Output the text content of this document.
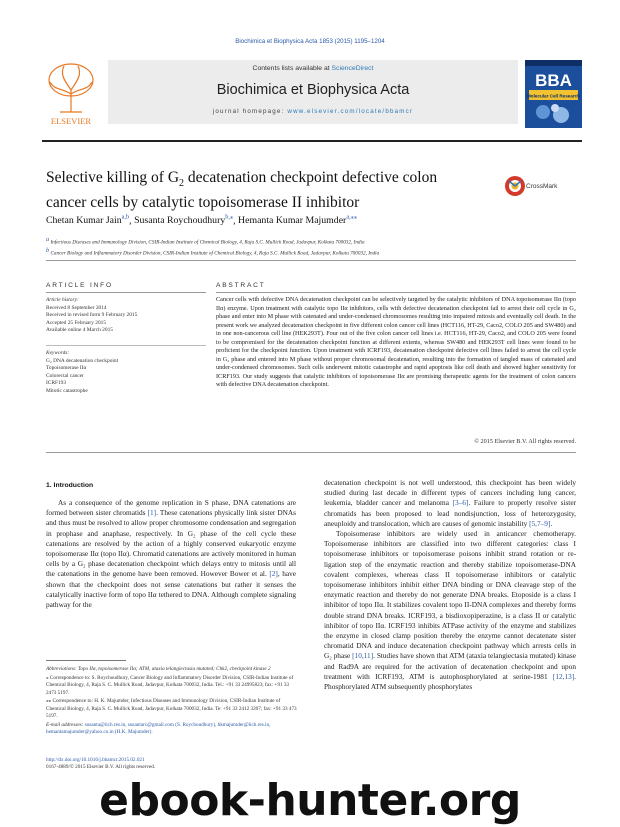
Biochimica et Biophysica Acta 1853 (2015) 1195–1204
ELSEVIER
Contents lists available at ScienceDirect
Biochimica et Biophysica Acta
journal homepage: www.elsevier.com/locate/bbamcr
BBA
Molecular Cell Research
Selective killing of $G_2$ decatenation checkpoint defective colon cancer cells by catalytic topoisomerase II inhibitor
CrossMark
Chetan Kumar Jain$^{a,b}$, Susanta Roychoudhury$^{b,⁎}$, Hemanta Kumar Majumder$^{a,⁎⁎}$
a Infectious Diseases and Immunology Division, CSIR-Indian Institute of Chemical Biology, 4, Raja S.C. Mullick Road, Jadavpur, Kolkata 700032, India
b Cancer Biology and Inflammatory Disorder Division, CSIR-Indian Institute of Chemical Biology, 4, Raja S.C. Mullick Road, Jadavpur, Kolkata 700032, India
ARTICLE INFO	ABSTRACT
Article history:
Received 8 September 2014
Received in revised form 9 February 2015
Accepted 25 February 2015
Available online 4 March 2015
Keywords:
G₂ DNA decatenation checkpoint
Topoisomerase IIα
Colorectal cancer
ICRF193
Mitotic catastrophe
Cancer cells with defective DNA decatenation checkpoint can be selectively targeted by the catalytic inhibitors of DNA topoisomerase IIα (topo IIα) enzyme. Upon treatment with catalytic topo IIα inhibitors, cells with defective decatenation checkpoint fail to arrest their cell cycle in G₂ phase and enter into M phase with catenated and under-condensed chromosomes resulting into impaired mitosis and eventually cell death. In the present work we analyzed decatenation checkpoint in five different colon cancer cell lines (HCT116, HT-29, Caco2, COLO 205 and SW480) and in one non-cancerous cell line (HEK293T). Four out of the five colon cancer cell lines i.e. HCT116, HT-29, Caco2, and COLO 205 were found to be compromised for the decatenation checkpoint function at different extents, whereas SW480 and HEK293T cell lines were found to be proficient for the checkpoint function. Upon treatment with ICRF193, decatenation checkpoint defective cell lines failed to arrest the cell cycle in G₂ phase and entered into M phase without proper chromosomal decatenation, resulting into the formation of tangled mass of catenated and under-condensed chromosomes. Such cells underwent mitotic catastrophe and rapid apoptosis like cell death and showed higher sensitivity for ICRF193. Our study suggests that catalytic inhibitors of topoisomerase IIα are promising therapeutic agents for the treatment of colon cancers with defective DNA decatenation checkpoint.
© 2015 Elsevier B.V. All rights reserved.
1. Introduction
As a consequence of the genome replication in S phase, DNA catenations are formed between sister chromatids [1]. These catenations physically link sister DNAs and thus must be resolved to allow proper chromosome condensation and segregation in prophase and anaphase, respectively. In G₂ phase of the cell cycle these catenations are resolved by the action of a highly conserved eukaryotic enzyme topoisomerase IIα (topo IIα). Chromatid catenations are actively monitored in human cells by a G₂ phase decatenation checkpoint which delays entry to mitosis until all the catenations in the genome have been removed. However Bower et al. [2], have shown that the checkpoint does not sense catenations but rather it senses the catalytically inactive form of topo IIα tethered to DNA. Although complete signaling pathway for the
decatenation checkpoint is not well understood, this checkpoint has been widely studied during last decade in different types of cancers including lung cancer, leukemia, bladder cancer and melanoma [3–6]. Failure to properly resolve sister chromatids has been proposed to lead nondisjunction, loss of heterozygosity, aneuploidy and translocation, which are causes of genomic instability [5,7–9].
Topoisomerase inhibitors are widely used in anticancer chemotherapy. Topoisomerase inhibitors are classified into two different categories: class I topoisomerase inhibitors or topoisomerase poisons inhibit strand rotation or re-ligation step of the enzymatic reaction and thereby stabilize topoisomerase-DNA covalent complexes, whereas class II topoisomerase inhibitors or catalytic topoisomerase inhibitors inhibit either DNA binding or DNA cleavage step of the enzymatic reaction and thereby do not generate DNA breaks. Etoposide is a class I inhibitor of topo IIα. It stabilizes covalent topo II-DNA complexes and thereby forms double strand DNA breaks. ICRF193, a bisdioxopiperazine, is a class II or catalytic inhibitor of topo IIα. ICRF193 inhibits ATPase activity of the enzyme and stabilizes the enzyme in closed clamp position thereby the enzyme cannot decatenate sister chromatid DNA and induce decatenation checkpoint pathway which arrests cells in G₂ phase [10,11]. Studies have shown that ATM (ataxia telangiectasia mutated) kinase and Rad9A are required for the activation of decatenation checkpoint and upon treatment with ICRF193, ATM is autophosphorylated at serine-1981 [12,13]. Phosphorylated ATM subsequently phosphorylates
Abbreviations: Topo IIα, topoisomerase IIα; ATM, ataxia telangiectasia mutated; Chk2, checkpoint kinase 2
⁎ Correspondence to: S. Roychoudhury, Cancer Biology and Inflammatory Disorder Division, CSIR-Indian Institute of Chemical Biology, 4, Raja S. C. Mullick Road, Jadavpur, Kolkata 700032, India. Tel.: +91 33 24995823; fax: +91 33 2473 5197.
⁎⁎ Correspondence to: H. K. Majumder, Infectious Diseases and Immunology Division, CSIR-Indian Institute of Chemical Biology, 4, Raja S. C. Mullick Road, Jadavpur, Kolkata 700032, India. Te: +91 33 2412 3207; fax: +91 33 473 5197.
E-mail addresses: susanta@iich.res.in, susantarc@gmail.com (S. Roychoudhury), hkmajumder@iich.res.in, hemantamajumder@yahoo.co.in (H.K. Majumder).
http://dx.doi.org/10.1016/j.bbamcr.2015.02.021
0167-4889/© 2015 Elsevier B.V. All rights reserved.
ebook-hunter.org
